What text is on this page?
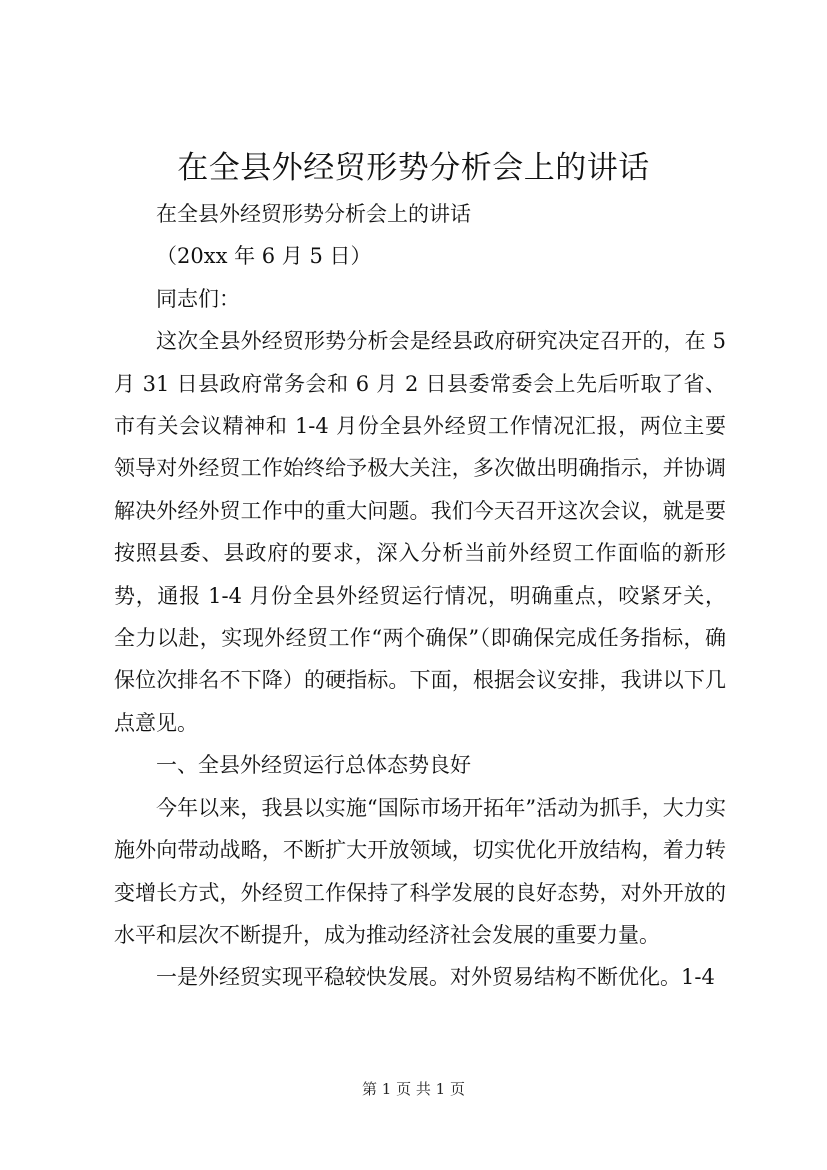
在全县外经贸形势分析会上的讲话

在全县外经贸形势分析会上的讲话

（20xx 年 6 月 5 日）

同志们：

这次全县外经贸形势分析会是经县政府研究决定召开的，在 5 月 31 日县政府常务会和 6 月 2 日县委常委会上先后听取了省、市有关会议精神和 1-4 月份全县外经贸工作情况汇报，两位主要领导对外经贸工作始终给予极大关注，多次做出明确指示，并协调解决外经外贸工作中的重大问题。我们今天召开这次会议，就是要按照县委、县政府的要求，深入分析当前外经贸工作面临的新形势，通报 1-4 月份全县外经贸运行情况，明确重点，咬紧牙关，全力以赴，实现外经贸工作“两个确保”（即确保完成任务指标，确保位次排名不下降）的硬指标。下面，根据会议安排，我讲以下几点意见。

一、全县外经贸运行总体态势良好

今年以来，我县以实施“国际市场开拓年”活动为抓手，大力实施外向带动战略，不断扩大开放领域，切实优化开放结构，着力转变增长方式，外经贸工作保持了科学发展的良好态势，对外开放的水平和层次不断提升，成为推动经济社会发展的重要力量。

一是外经贸实现平稳较快发展。对外贸易结构不断优化。1-4

第 1 页 共 1 页
